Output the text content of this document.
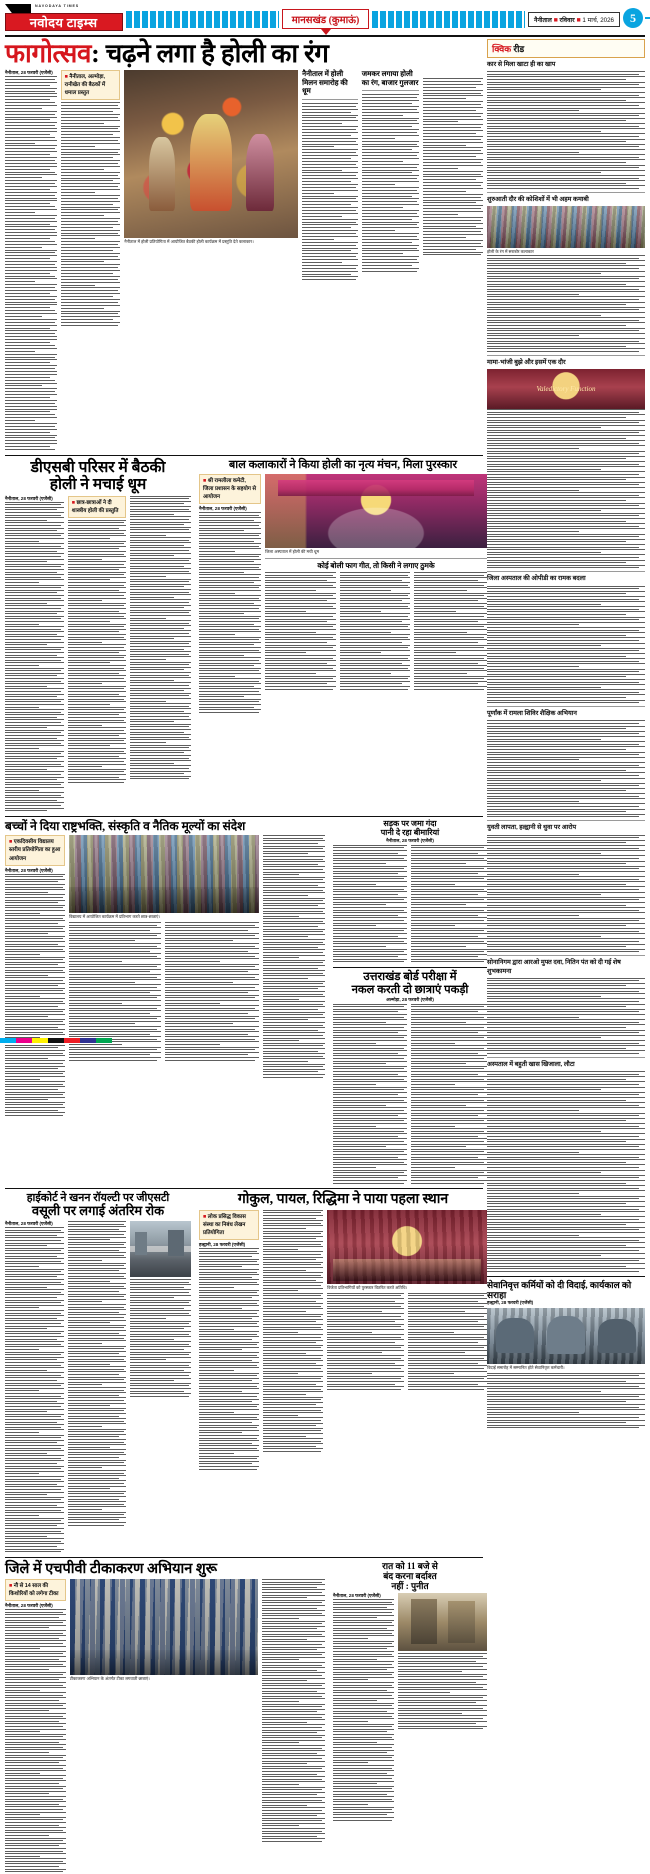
NAVODAYA TIMES
नवोदय टाइम्स	मानसखंड (कुमाऊं)	नैनीताल ■ रविवार ■ 1 मार्च, 2026	5
फागोत्सव: चढ़ने लगा है होली का रंग
नैनीताल, 28 फरवरी (एजेंसी)
■ नैनीताल, अल्मोड़ा, रानीखेत की बैठकों में धमाल प्रस्तुत
नैनीताल में होली प्रतियोगिता में आयोजित बैठकी होली कार्यक्रम में प्रस्तुति देते कलाकार।
नैनीताल में होली मिलन समारोह की धूम
जमकर लगाया होली का रंग, बाजार गुलजार
डीएसबी परिसर में बैठकी
होली ने मचाई धूम
नैनीताल, 28 फरवरी (एजेंसी)
■ छात्र-छात्राओं ने दी शास्त्रीय होली की प्रस्तुति
बाल कलाकारों ने किया होली का नृत्य मंचन, मिला पुरस्कार
■ श्री रामलीला कमेटी, जिला प्रशासन के सहयोग से आयोजन
नैनीताल, 28 फरवरी (एजेंसी)
जिला अस्पताल में होली की मची धूम
कोई बोली फाग गीत, तो किसी ने लगाए ठुमके
बच्चों ने दिया राष्ट्रभक्ति, संस्कृति व नैतिक मूल्यों का संदेश
■ एकदिवसीय विद्यालय स्तरीय प्रतियोगिता का हुआ आयोजन
नैनीताल, 28 फरवरी (एजेंसी)
विद्यालय में आयोजित कार्यक्रम में प्रतिभाग करते छात्र-छात्राएं।
सड़क पर जमा गंदा
पानी दे रहा बीमारियां
नैनीताल, 28 फरवरी (एजेंसी)
उत्तराखंड बोर्ड परीक्षा में
नकल करती दो छात्राएं पकड़ी
अल्मोड़ा, 28 फरवरी (एजेंसी)
हाईकोर्ट ने खनन रॉयल्टी पर जीएसटी
वसूली पर लगाई अंतरिम रोक
नैनीताल, 28 फरवरी (एजेंसी)
गोकुल, पायल, रिद्धिमा ने पाया पहला स्थान
■ लोक प्रसिद्ध विकास संस्था का निबंध लेखन प्रतियोगिता
हल्द्वानी, 28 फरवरी (एजेंसी)
विजेता प्रतिभागियों को पुरस्कार वितरित करते अतिथि।
जिले में एचपीवी टीकाकरण अभियान शुरू
■ नौ से 14 साल की किशोरियों को लगेगा टीका
नैनीताल, 28 फरवरी (एजेंसी)
टीकाकरण अभियान के अंतर्गत टीका लगवाती छात्राएं।
रात को 11 बजे से
बंद करना बर्दाश्त
नहीं : पुनीत
नैनीताल, 28 फरवरी (एजेंसी)
क्विक रीड
कार से मिला खाटा ही का खाप
शुरुआती दौर की कोशिशों में भी अहम कमाबी
होली के रंग में सराबोर कलाकार
मामा-भांजी बुझे और इसमें एक दौर
Valedictory Function
जिला अस्पताल की ओपीडी का रामक बदला
पूर्णांक में रामला शिविर शैक्षिक अभियान
युवती लापता, हल्द्वानी से थुवा पर आरोप
सोनानिगम द्वारा आरओ मुफ्त दवा, नितिन पंत को दी गई शेष शुभकामना
अस्पताल में बहुती खास खिजाला, लौटा
सेवानिवृत्त कर्मियों को दी विदाई, कार्यकाल को सराहा
हल्द्वानी, 28 फरवरी (एजेंसी)
विदाई समारोह में सम्मानित होते सेवानिवृत्त कर्मचारी।
